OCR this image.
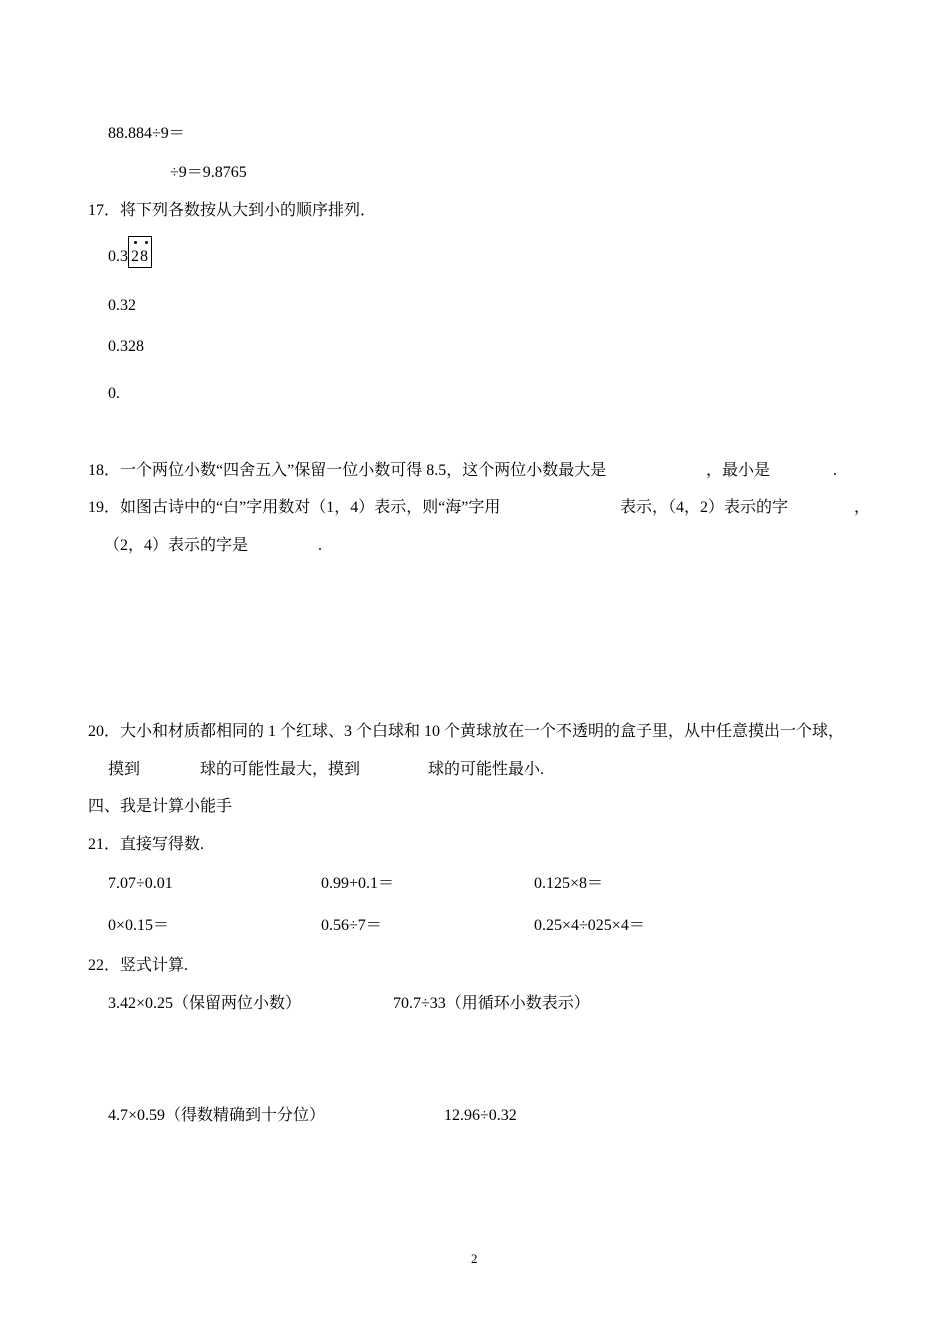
88.884÷9＝
÷9＝9.8765
17．将下列各数按从大到小的顺序排列．
0.3 28
0.32
0.328
0.
18．一个两位小数“四舍五入”保留一位小数可得 8.5，这个两位小数最大是	，最小是	.
19．如图古诗中的“白”字用数对（1，4）表示，则“海”字用	表示，（4，2）表示的字	，
（2，4）表示的字是	.
20．大小和材质都相同的 1 个红球、3 个白球和 10 个黄球放在一个不透明的盒子里，从中任意摸出一个球，
摸到	球的可能性最大，摸到	球的可能性最小.
四、我是计算小能手
21．直接写得数.
7.07÷0.01	0.99+0.1＝	0.125×8＝
0×0.15＝	0.56÷7＝	0.25×4÷025×4＝
22．竖式计算.
3.42×0.25（保留两位小数）	70.7÷33（用循环小数表示）
4.7×0.59（得数精确到十分位）	12.96÷0.32
2
